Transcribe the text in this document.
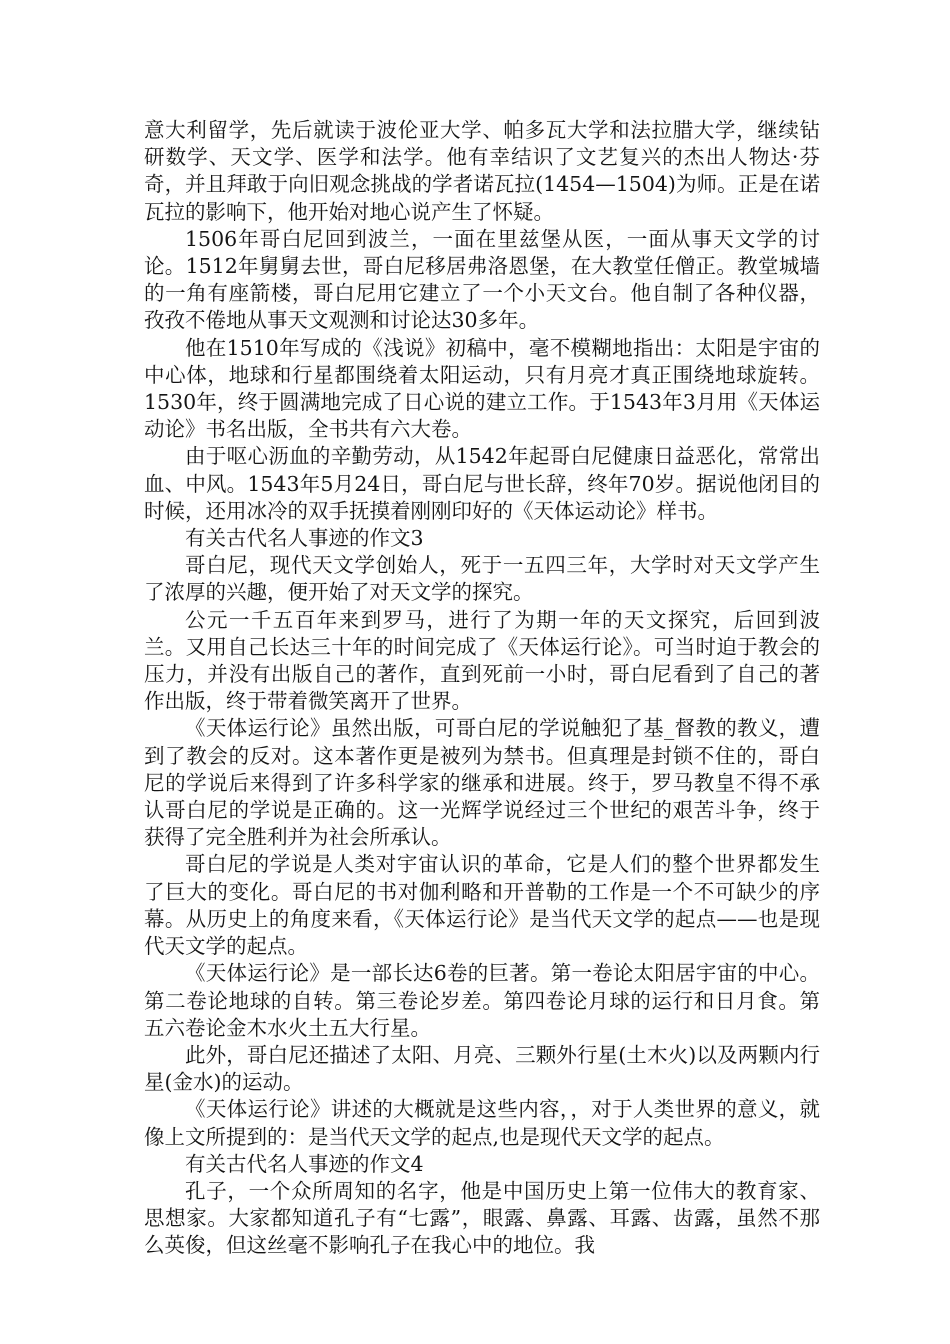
意大利留学，先后就读于波伦亚大学、帕多瓦大学和法拉腊大学，继续钻研数学、天文学、医学和法学。他有幸结识了文艺复兴的杰出人物达·芬奇，并且拜敢于向旧观念挑战的学者诺瓦拉(1454—1504)为师。正是在诺瓦拉的影响下，他开始对地心说产生了怀疑。

1506年哥白尼回到波兰，一面在里兹堡从医，一面从事天文学的讨论。1512年舅舅去世，哥白尼移居弗洛恩堡，在大教堂任僧正。教堂城墙的一角有座箭楼，哥白尼用它建立了一个小天文台。他自制了各种仪器，孜孜不倦地从事天文观测和讨论达30多年。

他在1510年写成的《浅说》初稿中，毫不模糊地指出：太阳是宇宙的中心体，地球和行星都围绕着太阳运动，只有月亮才真正围绕地球旋转。1530年，终于圆满地完成了日心说的建立工作。于1543年3月用《天体运动论》书名出版，全书共有六大卷。

由于呕心沥血的辛勤劳动，从1542年起哥白尼健康日益恶化，常常出血、中风。1543年5月24日，哥白尼与世长辞，终年70岁。据说他闭目的时候，还用冰冷的双手抚摸着刚刚印好的《天体运动论》样书。

有关古代名人事迹的作文3

哥白尼，现代天文学创始人，死于一五四三年，大学时对天文学产生了浓厚的兴趣，便开始了对天文学的探究。

公元一千五百年来到罗马，进行了为期一年的天文探究，后回到波兰。又用自己长达三十年的时间完成了《天体运行论》。可当时迫于教会的压力，并没有出版自己的著作，直到死前一小时，哥白尼看到了自己的著作出版，终于带着微笑离开了世界。

《天体运行论》虽然出版，可哥白尼的学说触犯了基_督教的教义，遭到了教会的反对。这本著作更是被列为禁书。但真理是封锁不住的，哥白尼的学说后来得到了许多科学家的继承和进展。终于，罗马教皇不得不承认哥白尼的学说是正确的。这一光辉学说经过三个世纪的艰苦斗争，终于获得了完全胜利并为社会所承认。

哥白尼的学说是人类对宇宙认识的革命，它是人们的整个世界都发生了巨大的变化。哥白尼的书对伽利略和开普勒的工作是一个不可缺少的序幕。从历史上的角度来看，《天体运行论》是当代天文学的起点——也是现代天文学的起点。

《天体运行论》是一部长达6卷的巨著。第一卷论太阳居宇宙的中心。第二卷论地球的自转。第三卷论岁差。第四卷论月球的运行和日月食。第五六卷论金木水火土五大行星。

此外，哥白尼还描述了太阳、月亮、三颗外行星(土木火)以及两颗内行星(金水)的运动。

《天体运行论》讲述的大概就是这些内容，，对于人类世界的意义，就像上文所提到的：是当代天文学的起点,也是现代天文学的起点。

有关古代名人事迹的作文4

孔子，一个众所周知的名字，他是中国历史上第一位伟大的教育家、思想家。大家都知道孔子有“七露”，眼露、鼻露、耳露、齿露，虽然不那么英俊，但这丝毫不影响孔子在我心中的地位。我
